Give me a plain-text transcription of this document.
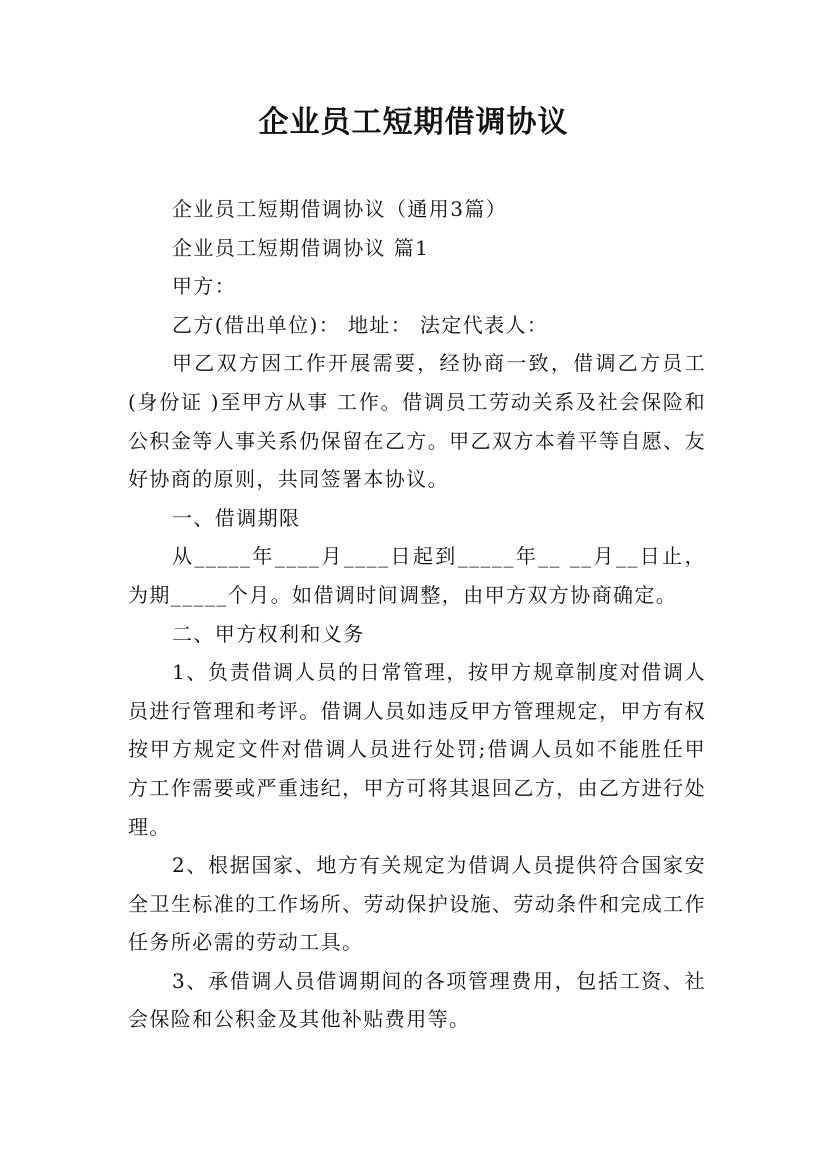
企业员工短期借调协议

企业员工短期借调协议（通用3篇）

企业员工短期借调协议 篇1

甲方：

乙方(借出单位)： 地址： 法定代表人：

甲乙双方因工作开展需要，经协商一致，借调乙方员工(身份证 )至甲方从事 工作。借调员工劳动关系及社会保险和公积金等人事关系仍保留在乙方。甲乙双方本着平等自愿、友好协商的原则，共同签署本协议。

一、借调期限

从_____年____月____日起到_____年__ __月__日止，为期_____个月。如借调时间调整，由甲方双方协商确定。

二、甲方权利和义务

1、负责借调人员的日常管理，按甲方规章制度对借调人员进行管理和考评。借调人员如违反甲方管理规定，甲方有权按甲方规定文件对借调人员进行处罚;借调人员如不能胜任甲方工作需要或严重违纪，甲方可将其退回乙方，由乙方进行处理。

2、根据国家、地方有关规定为借调人员提供符合国家安全卫生标准的工作场所、劳动保护设施、劳动条件和完成工作任务所必需的劳动工具。

3、承借调人员借调期间的各项管理费用，包括工资、社会保险和公积金及其他补贴费用等。
